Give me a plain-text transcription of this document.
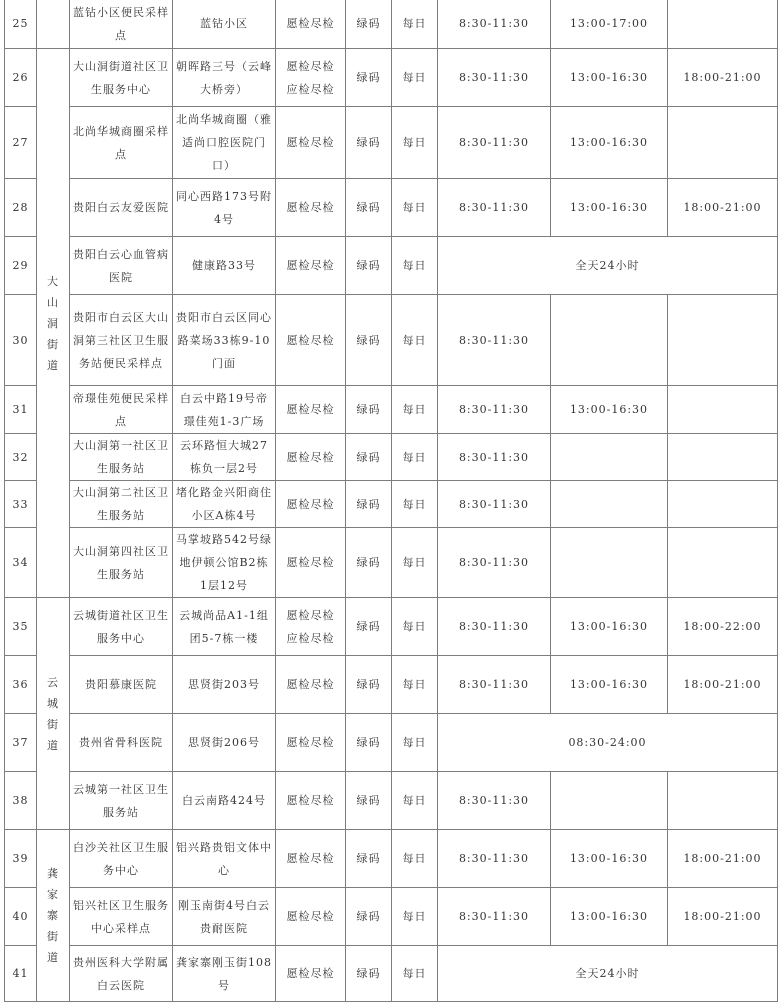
25		蓝钻小区便民采样点	蓝钻小区	愿检尽检	绿码	每日	8:30-11:30	13:00-17:00	
26	大山洞街道	大山洞街道社区卫生服务中心	朝晖路三号（云峰大桥旁）	愿检尽检应检尽检	绿码	每日	8:30-11:30	13:00-16:30	18:00-21:00
27		北尚华城商圈采样点	北尚华城商圈（雅适尚口腔医院门口）	愿检尽检	绿码	每日	8:30-11:30	13:00-16:30	
28		贵阳白云友爱医院	同心西路173号附4号	愿检尽检	绿码	每日	8:30-11:30	13:00-16:30	18:00-21:00
29		贵阳白云心血管病医院	健康路33号	愿检尽检	绿码	每日	全天24小时		
30		贵阳市白云区大山洞第三社区卫生服务站便民采样点	贵阳市白云区同心路菜场33栋9-10门面	愿检尽检	绿码	每日	8:30-11:30		
31		帝璟佳苑便民采样点	白云中路19号帝璟佳苑1-3广场	愿检尽检	绿码	每日	8:30-11:30	13:00-16:30	
32		大山洞第一社区卫生服务站	云环路恒大城27栋负一层2号	愿检尽检	绿码	每日	8:30-11:30		
33		大山洞第二社区卫生服务站	堵化路金兴阳商住小区A栋4号	愿检尽检	绿码	每日	8:30-11:30		
34		大山洞第四社区卫生服务站	马掌坡路542号绿地伊顿公馆B2栋1层12号	愿检尽检	绿码	每日	8:30-11:30		
35	云城街道	云城街道社区卫生服务中心	云城尚品A1-1组团5-7栋一楼	愿检尽检应检尽检	绿码	每日	8:30-11:30	13:00-16:30	18:00-22:00
36		贵阳慕康医院	思贤街203号	愿检尽检	绿码	每日	8:30-11:30	13:00-16:30	18:00-21:00
37		贵州省骨科医院	思贤街206号	愿检尽检	绿码	每日	08:30-24:00		
38		云城第一社区卫生服务站	白云南路424号	愿检尽检	绿码	每日	8:30-11:30		
39	龚家寨街道	白沙关社区卫生服务中心	铝兴路贵铝文体中心	愿检尽检	绿码	每日	8:30-11:30	13:00-16:30	18:00-21:00
40		铝兴社区卫生服务中心采样点	刚玉南街4号白云贵耐医院	愿检尽检	绿码	每日	8:30-11:30	13:00-16:30	18:00-21:00
41		贵州医科大学附属白云医院	龚家寨刚玉街108号	愿检尽检	绿码	每日	全天24小时		
